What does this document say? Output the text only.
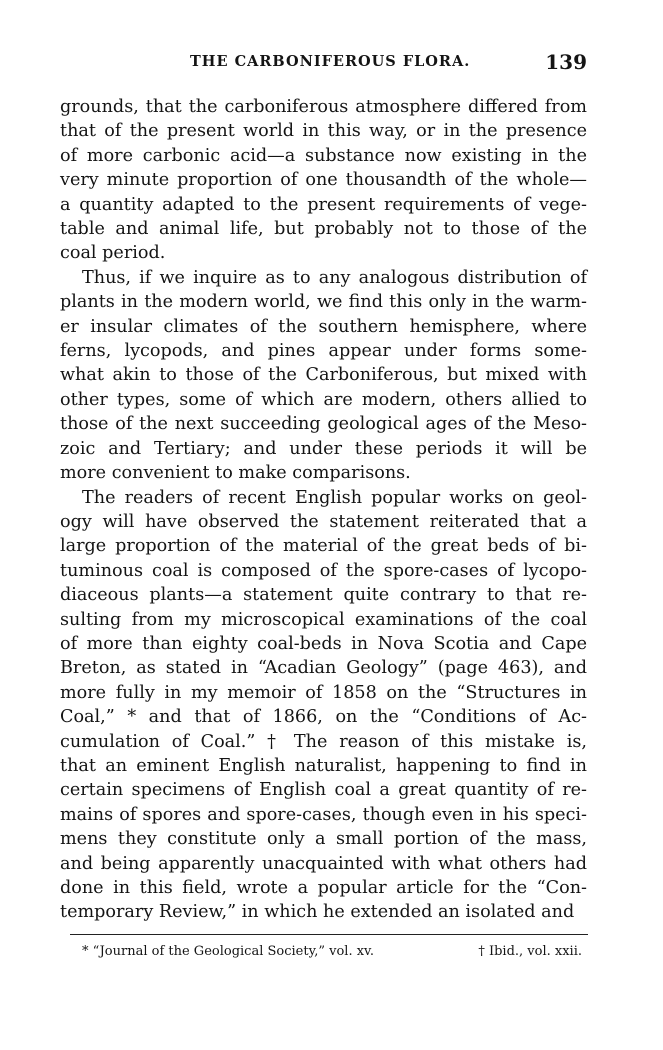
THE CARBONIFEROUS FLORA.	139
grounds, that the carboniferous atmosphere differed from
that of the present world in this way, or in the presence
of more carbonic acid—a substance now existing in the
very minute proportion of one thousandth of the whole—
a quantity adapted to the present requirements of vege-
table and animal life, but probably not to those of the
coal period.
Thus, if we inquire as to any analogous distribution of
plants in the modern world, we find this only in the warm-
er insular climates of the southern hemisphere, where
ferns, lycopods, and pines appear under forms some-
what akin to those of the Carboniferous, but mixed with
other types, some of which are modern, others allied to
those of the next succeeding geological ages of the Meso-
zoic and Tertiary; and under these periods it will be
more convenient to make comparisons.
The readers of recent English popular works on geol-
ogy will have observed the statement reiterated that a
large proportion of the material of the great beds of bi-
tuminous coal is composed of the spore-cases of lycopo-
diaceous plants—a statement quite contrary to that re-
sulting from my microscopical examinations of the coal
of more than eighty coal-beds in Nova Scotia and Cape
Breton, as stated in “Acadian Geology” (page 463), and
more fully in my memoir of 1858 on the “Structures in
Coal,” * and that of 1866, on the “Conditions of Ac-
cumulation of Coal.” † The reason of this mistake is,
that an eminent English naturalist, happening to find in
certain specimens of English coal a great quantity of re-
mains of spores and spore-cases, though even in his speci-
mens they constitute only a small portion of the mass,
and being apparently unacquainted with what others had
done in this field, wrote a popular article for the “Con-
temporary Review,” in which he extended an isolated and
* “Journal of the Geological Society,” vol. xv.	† Ibid., vol. xxii.
